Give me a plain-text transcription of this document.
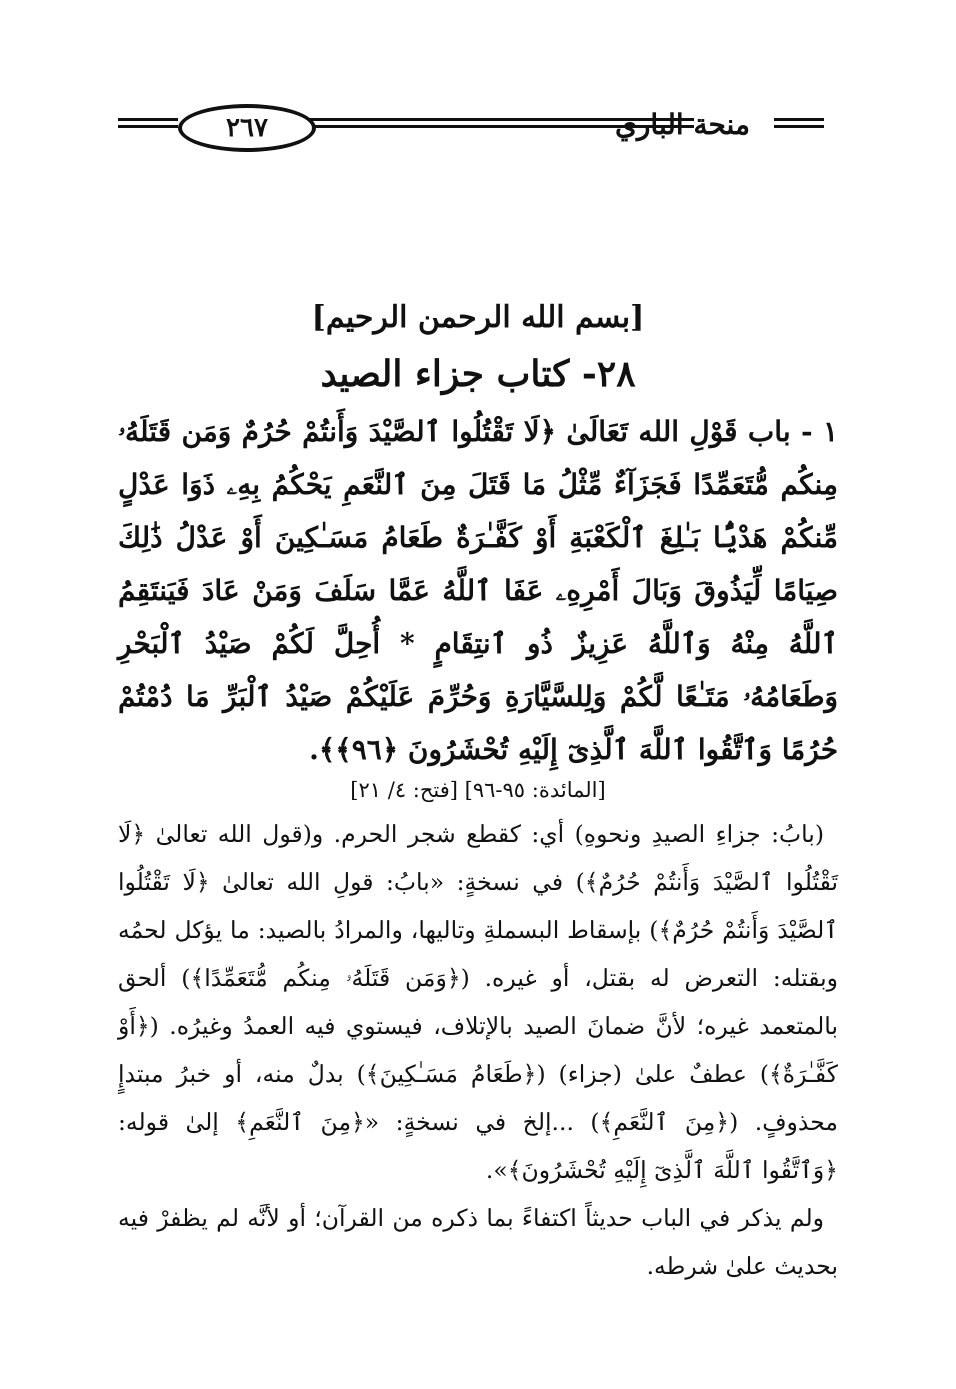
٢٦٧	منحة الباري
[بسم الله الرحمن الرحيم]
٢٨- كتاب جزاء الصيد

١ - باب قَوْلِ الله تَعَالَىٰ ﴿لَا تَقْتُلُوا ٱلصَّيْدَ وَأَنتُمْ حُرُمٌ وَمَن قَتَلَهُۥ مِنكُم مُّتَعَمِّدًا فَجَزَآءٌ مِّثْلُ مَا قَتَلَ مِنَ ٱلنَّعَمِ يَحْكُمُ بِهِۦ ذَوَا عَدْلٍ مِّنكُمْ هَدْيًۢا بَـٰلِغَ ٱلْكَعْبَةِ أَوْ كَفَّـٰرَةٌ طَعَامُ مَسَـٰكِينَ أَوْ عَدْلُ ذَٰلِكَ صِيَامًا لِّيَذُوقَ وَبَالَ أَمْرِهِۦ عَفَا ٱللَّهُ عَمَّا سَلَفَ وَمَنْ عَادَ فَيَنتَقِمُ ٱللَّهُ مِنْهُ وَٱللَّهُ عَزِيزٌ ذُو ٱنتِقَامٍ * أُحِلَّ لَكُمْ صَيْدُ ٱلْبَحْرِ وَطَعَامُهُۥ مَتَـٰعًا لَّكُمْ وَلِلسَّيَّارَةِ وَحُرِّمَ عَلَيْكُمْ صَيْدُ ٱلْبَرِّ مَا دُمْتُمْ حُرُمًا وَٱتَّقُوا ٱللَّهَ ٱلَّذِىٓ إِلَيْهِ تُحْشَرُونَ ﴿٩٦﴾﴾.

[المائدة: ٩٥-٩٦] [فتح: ٤/ ٢١]

(بابُ: جزاءِ الصيدِ ونحوهِ) أي: كقطع شجر الحرم. و(قول الله تعالىٰ ﴿لَا تَقْتُلُوا ٱلصَّيْدَ وَأَنتُمْ حُرُمٌ﴾) في نسخةٍ: «بابُ: قولِ الله تعالىٰ ﴿لَا تَقْتُلُوا ٱلصَّيْدَ وَأَنتُمْ حُرُمٌ﴾) بإسقاط البسملةِ وتاليها، والمرادُ بالصيد: ما يؤكل لحمُه وبقتله: التعرض له بقتل، أو غيره. (﴿وَمَن قَتَلَهُۥ مِنكُم مُّتَعَمِّدًا﴾) ألحق بالمتعمد غيره؛ لأنَّ ضمانَ الصيد بالإتلاف، فيستوي فيه العمدُ وغيرُه. (﴿أَوْ كَفَّـٰرَةٌ﴾) عطفٌ علىٰ (جزاء) (﴿طَعَامُ مَسَـٰكِينَ﴾) بدلٌ منه، أو خبرُ مبتدإٍ محذوفٍ. (﴿مِنَ ٱلنَّعَمِ﴾) ...إلخ في نسخةٍ: «﴿مِنَ ٱلنَّعَمِ﴾ إلىٰ قوله: ﴿وَٱتَّقُوا ٱللَّهَ ٱلَّذِىٓ إِلَيْهِ تُحْشَرُونَ﴾».

ولم يذكر في الباب حديثاً اكتفاءً بما ذكره من القرآن؛ أو لأنَّه لم يظفرْ فيه بحديث علىٰ شرطه.
